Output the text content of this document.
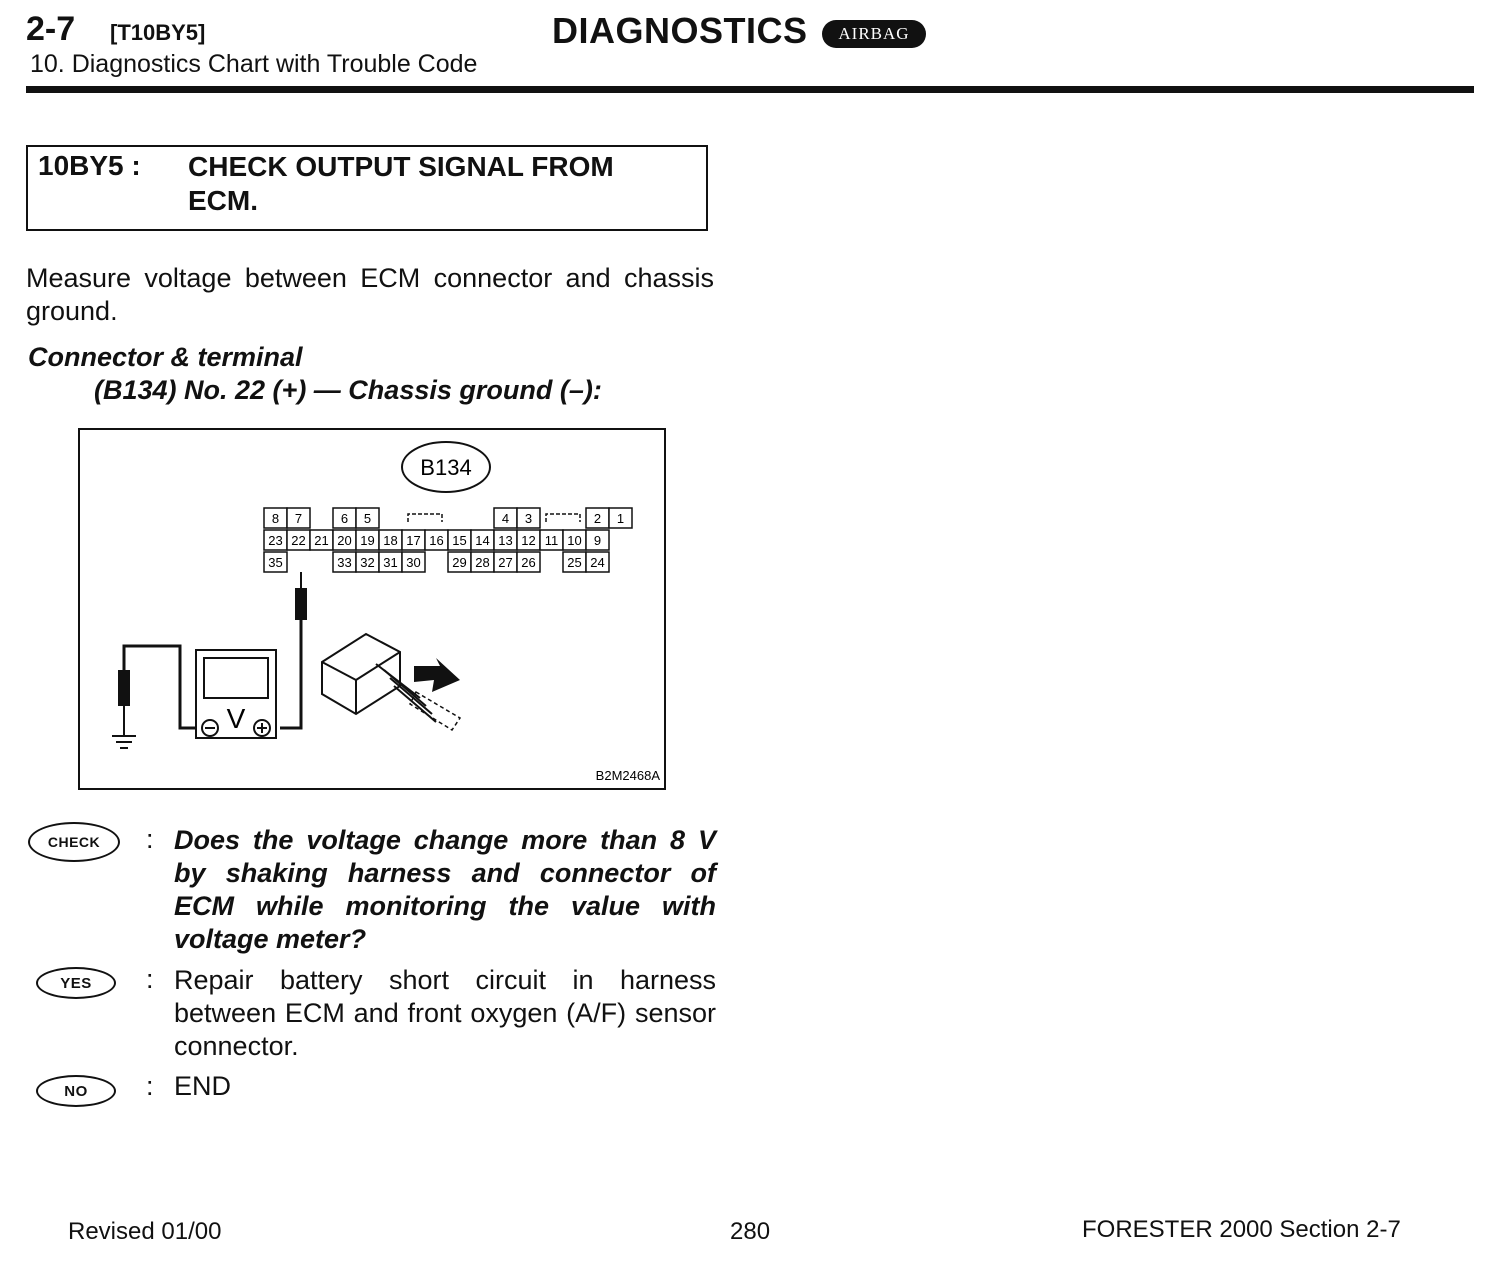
2-7 [T10BY5]	DIAGNOSTICS	AIRBAG
10. Diagnostics Chart with Trouble Code
10BY5 : CHECK OUTPUT SIGNAL FROM ECM.
Measure voltage between ECM connector and chassis ground.
Connector & terminal
(B134) No. 22 (+) — Chassis ground (–):
B134
8 7	6 5	4 3	2 1
23 22 21 20 19 18 17 16 15 14 13 12 11 10 9
35	33 32 31 30 29 28 27 26 25 24
V
B2M2468A
CHECK	: Does the voltage change more than 8 V by shaking harness and connector of ECM while monitoring the value with voltage meter?
YES	: Repair battery short circuit in harness between ECM and front oxygen (A/F) sensor connector.
NO	: END
Revised 01/00	280	FORESTER 2000 Section 2-7
